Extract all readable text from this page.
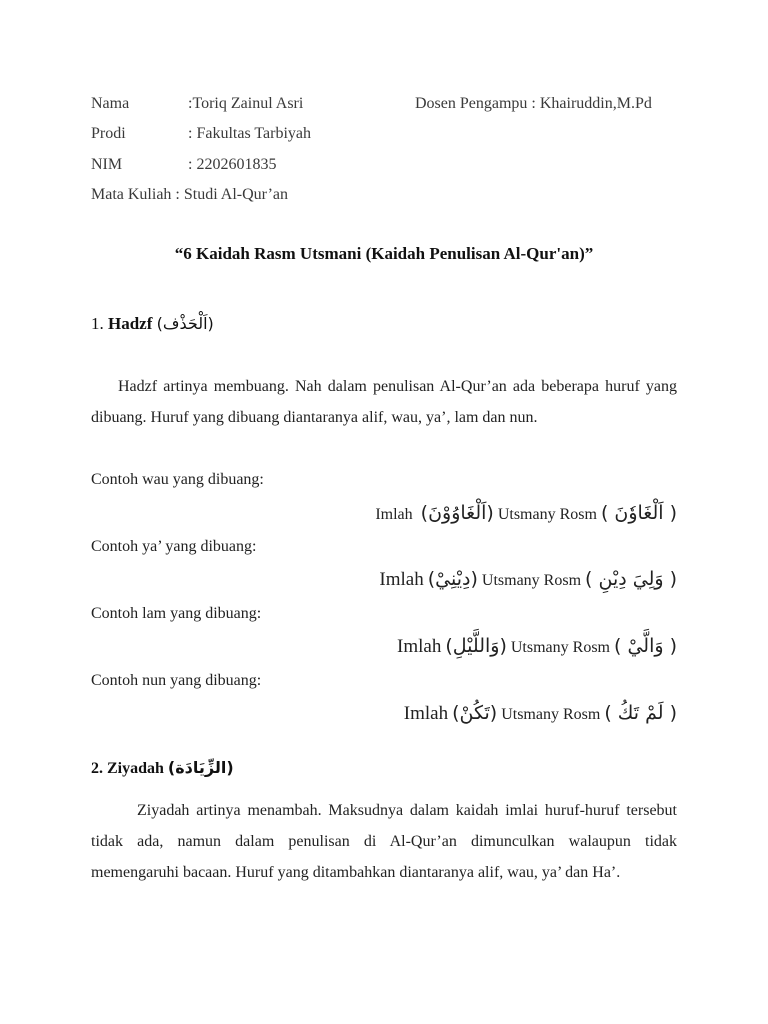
Nama	:Toriq Zainul Asri	Dosen Pengampu : Khairuddin,M.Pd
Prodi	: Fakultas Tarbiyah
NIM	: 2202601835
Mata Kuliah : Studi Al-Qur’an
“6 Kaidah Rasm Utsmani (Kaidah Penulisan Al-Qur'an)”
1. Hadzf (اَلْحَذْف)
Hadzf artinya membuang. Nah dalam penulisan Al-Qur’an ada beberapa huruf yang dibuang. Huruf yang dibuang diantaranya alif, wau, ya’, lam dan nun.
Contoh wau yang dibuang:
Imlah (اَلْغَاوُوْنَ) Utsmany Rosm ( اَلْغَاوٗنَ )
Contoh ya’ yang dibuang:
Imlah (دِيْنِيْ) Utsmany Rosm ( وَلِيَ دِيْنِ )
Contoh lam yang dibuang:
Imlah (وَاللَّيْلِ) Utsmany Rosm ( وَالَّيْ )
Contoh nun yang dibuang:
Imlah (تَكُنْ) Utsmany Rosm ( لَمْ تَكُ )
2. Ziyadah (الزِّيَادَة)
Ziyadah artinya menambah. Maksudnya dalam kaidah imlai huruf-huruf tersebut tidak ada, namun dalam penulisan di Al-Qur’an dimunculkan walaupun tidak memengaruhi bacaan. Huruf yang ditambahkan diantaranya alif, wau, ya’ dan Ha’.
